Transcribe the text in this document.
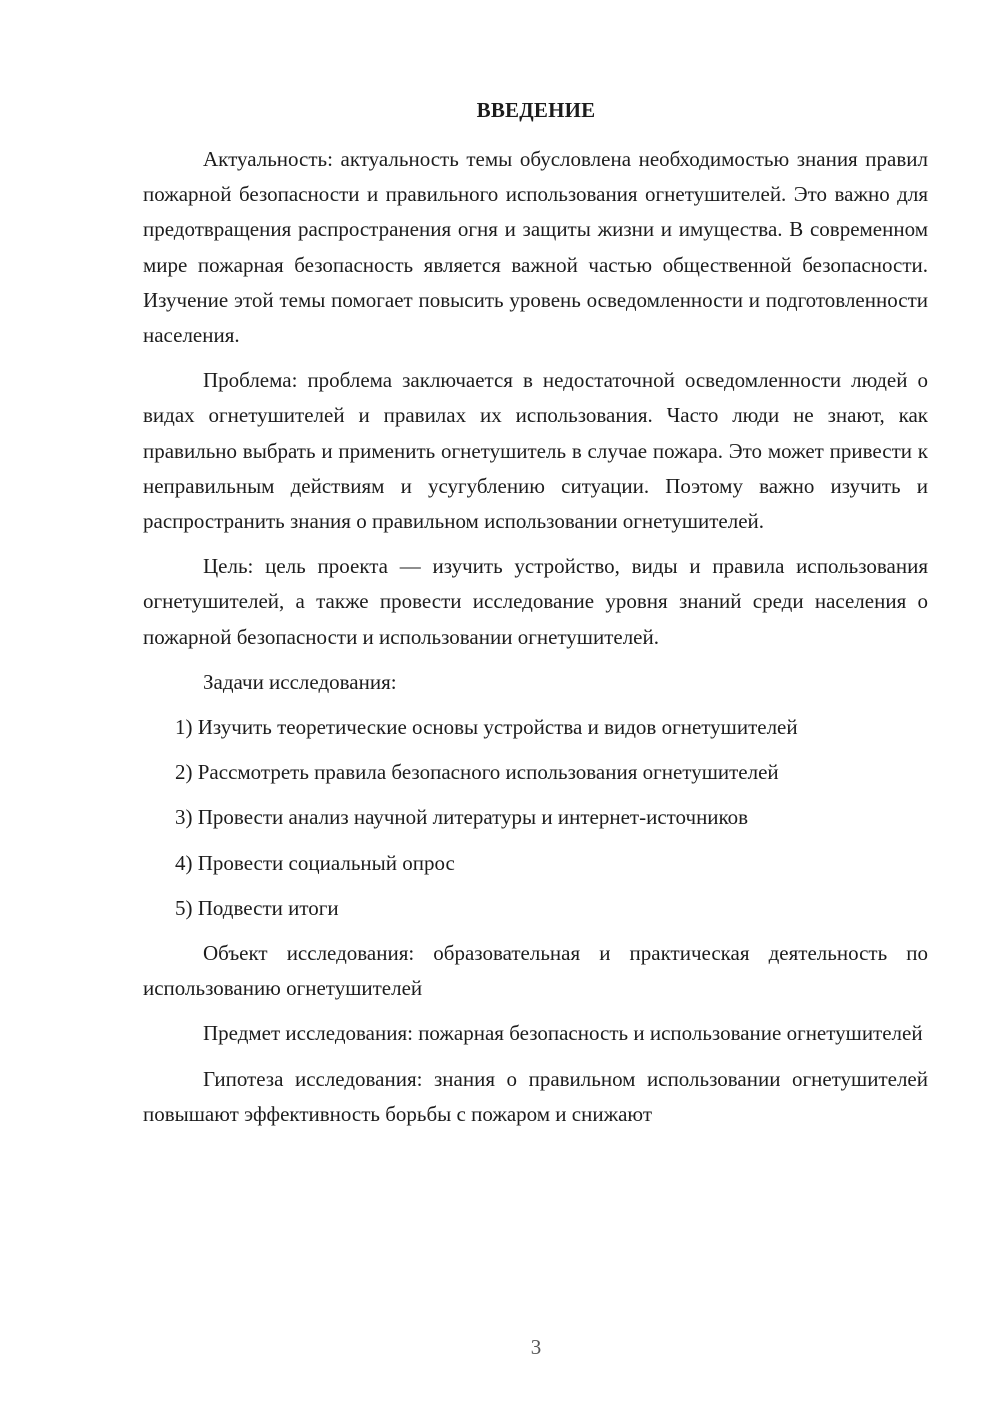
ВВЕДЕНИЕ

Актуальность: актуальность темы обусловлена необходимостью знания правил пожарной безопасности и правильного использования огнетушителей. Это важно для предотвращения распространения огня и защиты жизни и имущества. В современном мире пожарная безопасность является важной частью общественной безопасности. Изучение этой темы помогает повысить уровень осведомленности и подготовленности населения.

Проблема: проблема заключается в недостаточной осведомленности людей о видах огнетушителей и правилах их использования. Часто люди не знают, как правильно выбрать и применить огнетушитель в случае пожара. Это может привести к неправильным действиям и усугублению ситуации. Поэтому важно изучить и распространить знания о правильном использовании огнетушителей.

Цель: цель проекта — изучить устройство, виды и правила использования огнетушителей, а также провести исследование уровня знаний среди населения о пожарной безопасности и использовании огнетушителей.

Задачи исследования:

1) Изучить теоретические основы устройства и видов огнетушителей

2) Рассмотреть правила безопасного использования огнетушителей

3) Провести анализ научной литературы и интернет-источников

4) Провести социальный опрос

5) Подвести итоги

Объект исследования: образовательная и практическая деятельность по использованию огнетушителей

Предмет исследования: пожарная безопасность и использование огнетушителей

Гипотеза исследования: знания о правильном использовании огнетушителей повышают эффективность борьбы с пожаром и снижают

3
